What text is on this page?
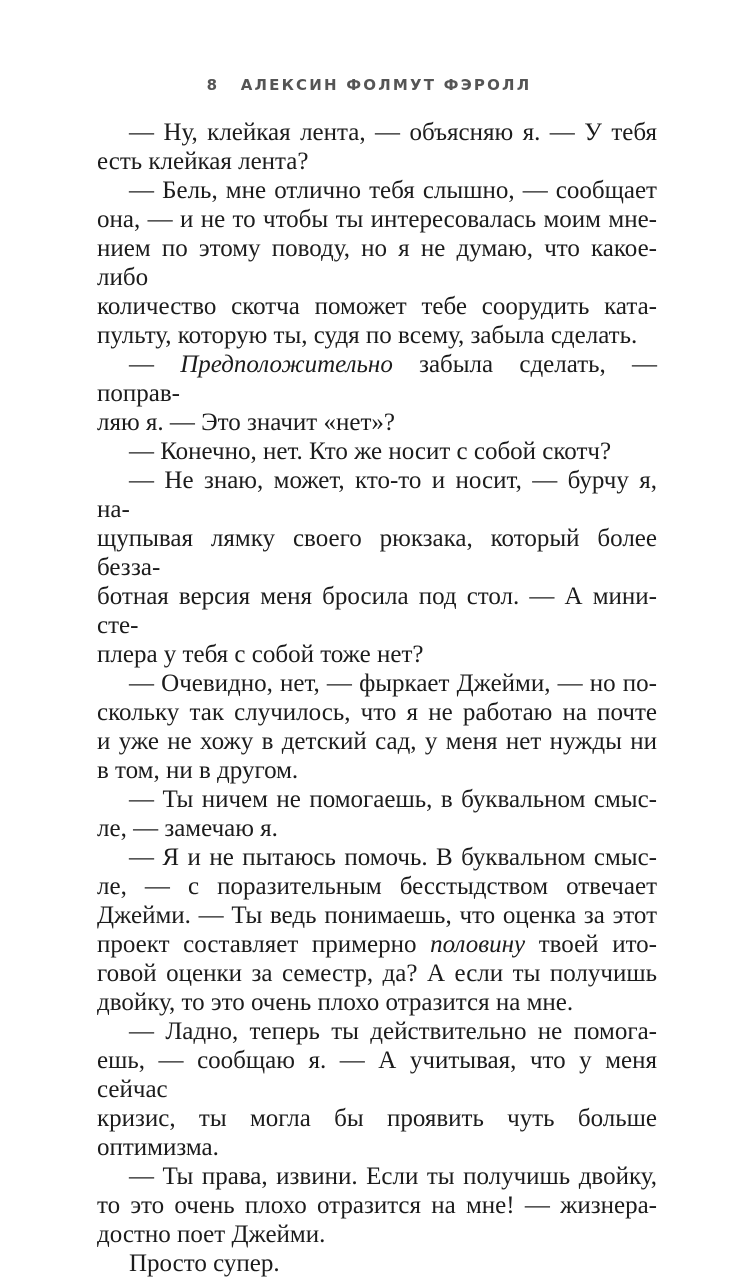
8 АЛЕКСИН ФОЛМУТ ФЭРОЛЛ

— Ну, клейкая лента, — объясняю я. — У тебя

есть клейкая лента?

— Бель, мне отлично тебя слышно, — сообщает

она, — и не то чтобы ты интересовалась моим мне-

нием по этому поводу, но я не думаю, что какое-либо

количество скотча поможет тебе соорудить ката-

пульту, которую ты, судя по всему, забыла сделать.

— Предположительно забыла сделать, — поправ-

ляю я. — Это значит «нет»?

— Конечно, нет. Кто же носит с собой скотч?

— Не знаю, может, кто-то и носит, — бурчу я, на-

щупывая лямку своего рюкзака, который более безза-

ботная версия меня бросила под стол. — А мини-сте-

плера у тебя с собой тоже нет?

— Очевидно, нет, — фыркает Джейми, — но по-

скольку так случилось, что я не работаю на почте

и уже не хожу в детский сад, у меня нет нужды ни

в том, ни в другом.

— Ты ничем не помогаешь, в буквальном смыс-

ле, — замечаю я.

— Я и не пытаюсь помочь. В буквальном смыс-

ле, — с поразительным бесстыдством отвечает

Джейми. — Ты ведь понимаешь, что оценка за этот

проект составляет примерно половину твоей ито-

говой оценки за семестр, да? А если ты получишь

двойку, то это очень плохо отразится на мне.

— Ладно, теперь ты действительно не помога-

ешь, — сообщаю я. — А учитывая, что у меня сейчас

кризис, ты могла бы проявить чуть больше оптимизма.

— Ты права, извини. Если ты получишь двойку,

то это очень плохо отразится на мне! — жизнера-

достно поет Джейми.

Просто супер.
